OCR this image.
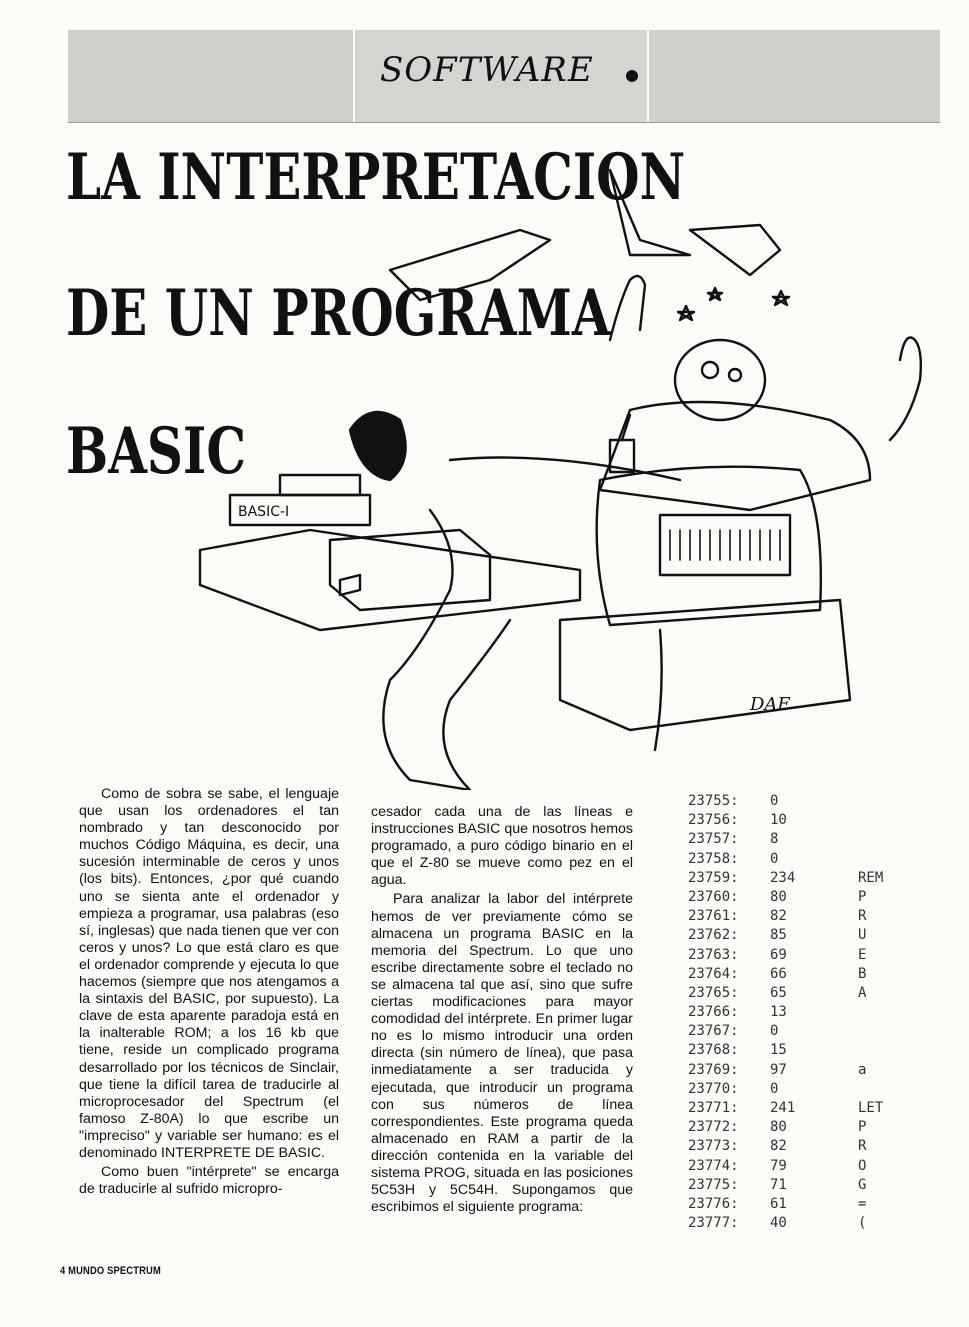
SOFTWARE
LA INTERPRETACION
DE UN PROGRAMA
BASIC
BASIC-I
DAE

Como de sobra se sabe, el lenguaje que usan los ordenadores el tan nombrado y tan desconocido por muchos Código Máquina, es decir, una sucesión interminable de ceros y unos (los bits). Entonces, ¿por qué cuando uno se sienta ante el ordenador y empieza a programar, usa palabras (eso sí, inglesas) que nada tienen que ver con ceros y unos? Lo que está claro es que el ordenador comprende y ejecuta lo que hacemos (siempre que nos atengamos a la sintaxis del BASIC, por supuesto). La clave de esta aparente paradoja está en la inalterable ROM; a los 16 kb que tiene, reside un complicado programa desarrollado por los técnicos de Sinclair, que tiene la difícil tarea de traducirle al microprocesador del Spectrum (el famoso Z-80A) lo que escribe un "impreciso" y variable ser humano: es el denominado INTERPRETE DE BASIC.

Como buen "intérprete" se encarga de traducirle al sufrido micropro-

cesador cada una de las líneas e instrucciones BASIC que nosotros hemos programado, a puro código binario en el que el Z-80 se mueve como pez en el agua.

Para analizar la labor del intérprete hemos de ver previamente cómo se almacena un programa BASIC en la memoria del Spectrum. Lo que uno escribe directamente sobre el teclado no se almacena tal que así, sino que sufre ciertas modificaciones para mayor comodidad del intérprete. En primer lugar no es lo mismo introducir una orden directa (sin número de línea), que pasa inmediatamente a ser traducida y ejecutada, que introducir un programa con sus números de línea correspondientes. Este programa queda almacenado en RAM a partir de la dirección contenida en la variable del sistema PROG, situada en las posiciones 5C53H y 5C54H. Supongamos que escribimos el siguiente programa:

23755: 0
23756: 10
23757: 8
23758: 0
23759: 234	REM
23760: 80	P
23761: 82	R
23762: 85	U
23763: 69	E
23764: 66	B
23765: 65	A
23766: 13
23767: 0
23768: 15
23769: 97	a
23770: 0
23771: 241	LET
23772: 80	P
23773: 82	R
23774: 79	O
23775: 71	G
23776: 61	=
23777: 40	(
4 MUNDO SPECTRUM
